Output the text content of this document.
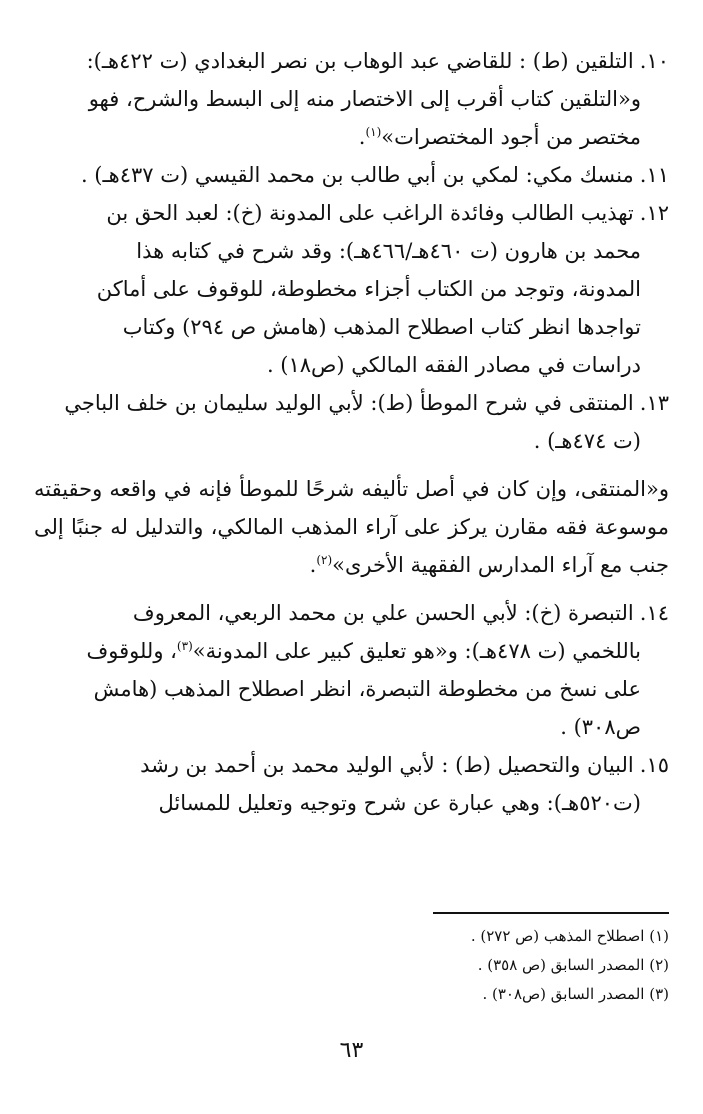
١٠.التلقين (ط) : للقاضي عبد الوهاب بن نصر البغدادي (ت ٤٢٢هـ):
و«التلقين كتاب أقرب إلى الاختصار منه إلى البسط والشرح، فهو
مختصر من أجود المختصرات»$^{(١)}$.

١١.منسك مكي: لمكي بن أبي طالب بن محمد القيسي (ت ٤٣٧هـ) .

١٢.تهذيب الطالب وفائدة الراغب على المدونة (خ): لعبد الحق بن
محمد بن هارون (ت ٤٦٠هـ/٤٦٦هـ): وقد شرح في كتابه هذا
المدونة، وتوجد من الكتاب أجزاء مخطوطة، للوقوف على أماكن
تواجدها انظر كتاب اصطلاح المذهب (هامش ص ٢٩٤) وكتاب
دراسات في مصادر الفقه المالكي (ص١٨) .

١٣.المنتقى في شرح الموطأ (ط): لأبي الوليد سليمان بن خلف الباجي
(ت ٤٧٤هـ) .

و«المنتقى، وإن كان في أصل تأليفه شرحًا للموطأ فإنه في واقعه وحقيقته موسوعة فقه مقارن يركز على آراء المذهب المالكي، والتدليل له جنبًا إلى جنب مع آراء المدارس الفقهية الأخرى»$^{(٢)}$.

١٤.التبصرة (خ): لأبي الحسن علي بن محمد الربعي، المعروف
باللخمي (ت ٤٧٨هـ): و«هو تعليق كبير على المدونة»$^{(٣)}$، وللوقوف
على نسخ من مخطوطة التبصرة، انظر اصطلاح المذهب (هامش
ص٣٠٨) .

١٥.البيان والتحصيل (ط) : لأبي الوليد محمد بن أحمد بن رشد
(ت٥٢٠هـ): وهي عبارة عن شرح وتوجيه وتعليل للمسائل

(١) اصطلاح المذهب (ص ٢٧٢) .

(٢) المصدر السابق (ص ٣٥٨) .

(٣) المصدر السابق (ص٣٠٨) .

٦٣
